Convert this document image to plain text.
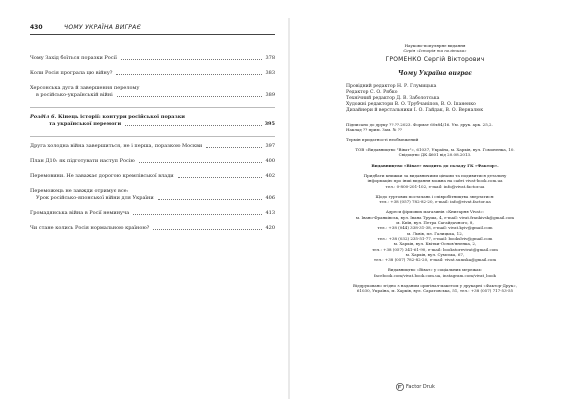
430	ЧОМУ УКРАЇНА ВИГРАЄ
Чому Захід боїться поразки Росії	378
Коли Росія програла цю війну?	383
Херсонська дуга й завершення перелому
в російсько-українській війні	389
Розділ 6. Кінець історії: контури російської поразки
та української перемоги	395
Друга холодна війна завершиться, не і перша, поразкою Москви	397
План Д10: як підготувати наступ Росію	400
Перемовини. Не заважає дорогою кремлівської влади	402
Переможець не завжди отримує все:
Урок російсько-японської війни для України	406
Громадянська війна в Росії неминуча	413
Чи стане колись Росія нормальною країною?	420
Науково-популярне видання
Серія «Історія та політика»
ГРОМЕНКО Сергій Вікторович
Чому Україна виграє
Провідний редактор Н. Р. Глумицька
Редактор С. О. Рябко
Технічний редактор Д. В. Заболотська
Художні редактори В. О. Трубчаніпов, В. О. Іпаненко
Дизайнери й верстальники І. О. Гайдак, В. О. Верналюк
Підписано до друку ??.??.2023. Формат 60х84/16. Ум. друк. арк. 25,2.
Наклад ?? прим. Зам. № ??
Термін придатності необмежений
ТОВ «Видавництво "Віват"», 61037, Україна, м. Харків, вул. Гомоненка, 10.
Свідоцтво ДК 4601 від 20.08.2013.
Видавництво «Віват» входить до складу ГК «Фактор».
Придбати книжки за видавничими цінами та подивитися детальну
інформацію про інші видання можна на сайті vivat-book.com.ua
тел.: 0-800-201-102, e-mail: info@vivat.factor.ua
Щодо гуртових постачань і співробітництва звертатися:
тел.: +38 (057) 782-82-20, e-mail: info@vivat.factor.ua
Адреси фірмових магазинів «Книгарня Vivat»:
м. Івано-Франківськ, вул. Івана Труша, 4, e-mail: vivat.frankivsk@gmail.com
м. Київ, вул. Петра Сагайдачного, 8,
тел.: +38 (044) 338-31-38, e-mail: vivat.kyiv@gmail.com
м. Львів, пл. Галицька, 12,
тел.: +38 (032) 235-51-77, e-mail: bookslviv@gmail.com
м. Харків, вул. Квітки-Основ'яненка, 2,
тел.: +38 (057) 341-61-90, e-mail: bookstorevivat@gmail.com
м. Харків, вул. Сумська, 67,
тел.: +38 (057) 782-82-20, e-mail: vivat.sumska@gmail.com
Видавництво «Віват» у соціальних мережах:
facebook.com/vivat.book.com.ua, instagram.com/vivat_book
Віддруковано згідно з наданим оригінал-макетом у друкарні «Фактор-Друк»,
61030, Україна, м. Харків, вул. Саратовська, 51, тел.: +38 (057) 717-53-55
Factor Druk
